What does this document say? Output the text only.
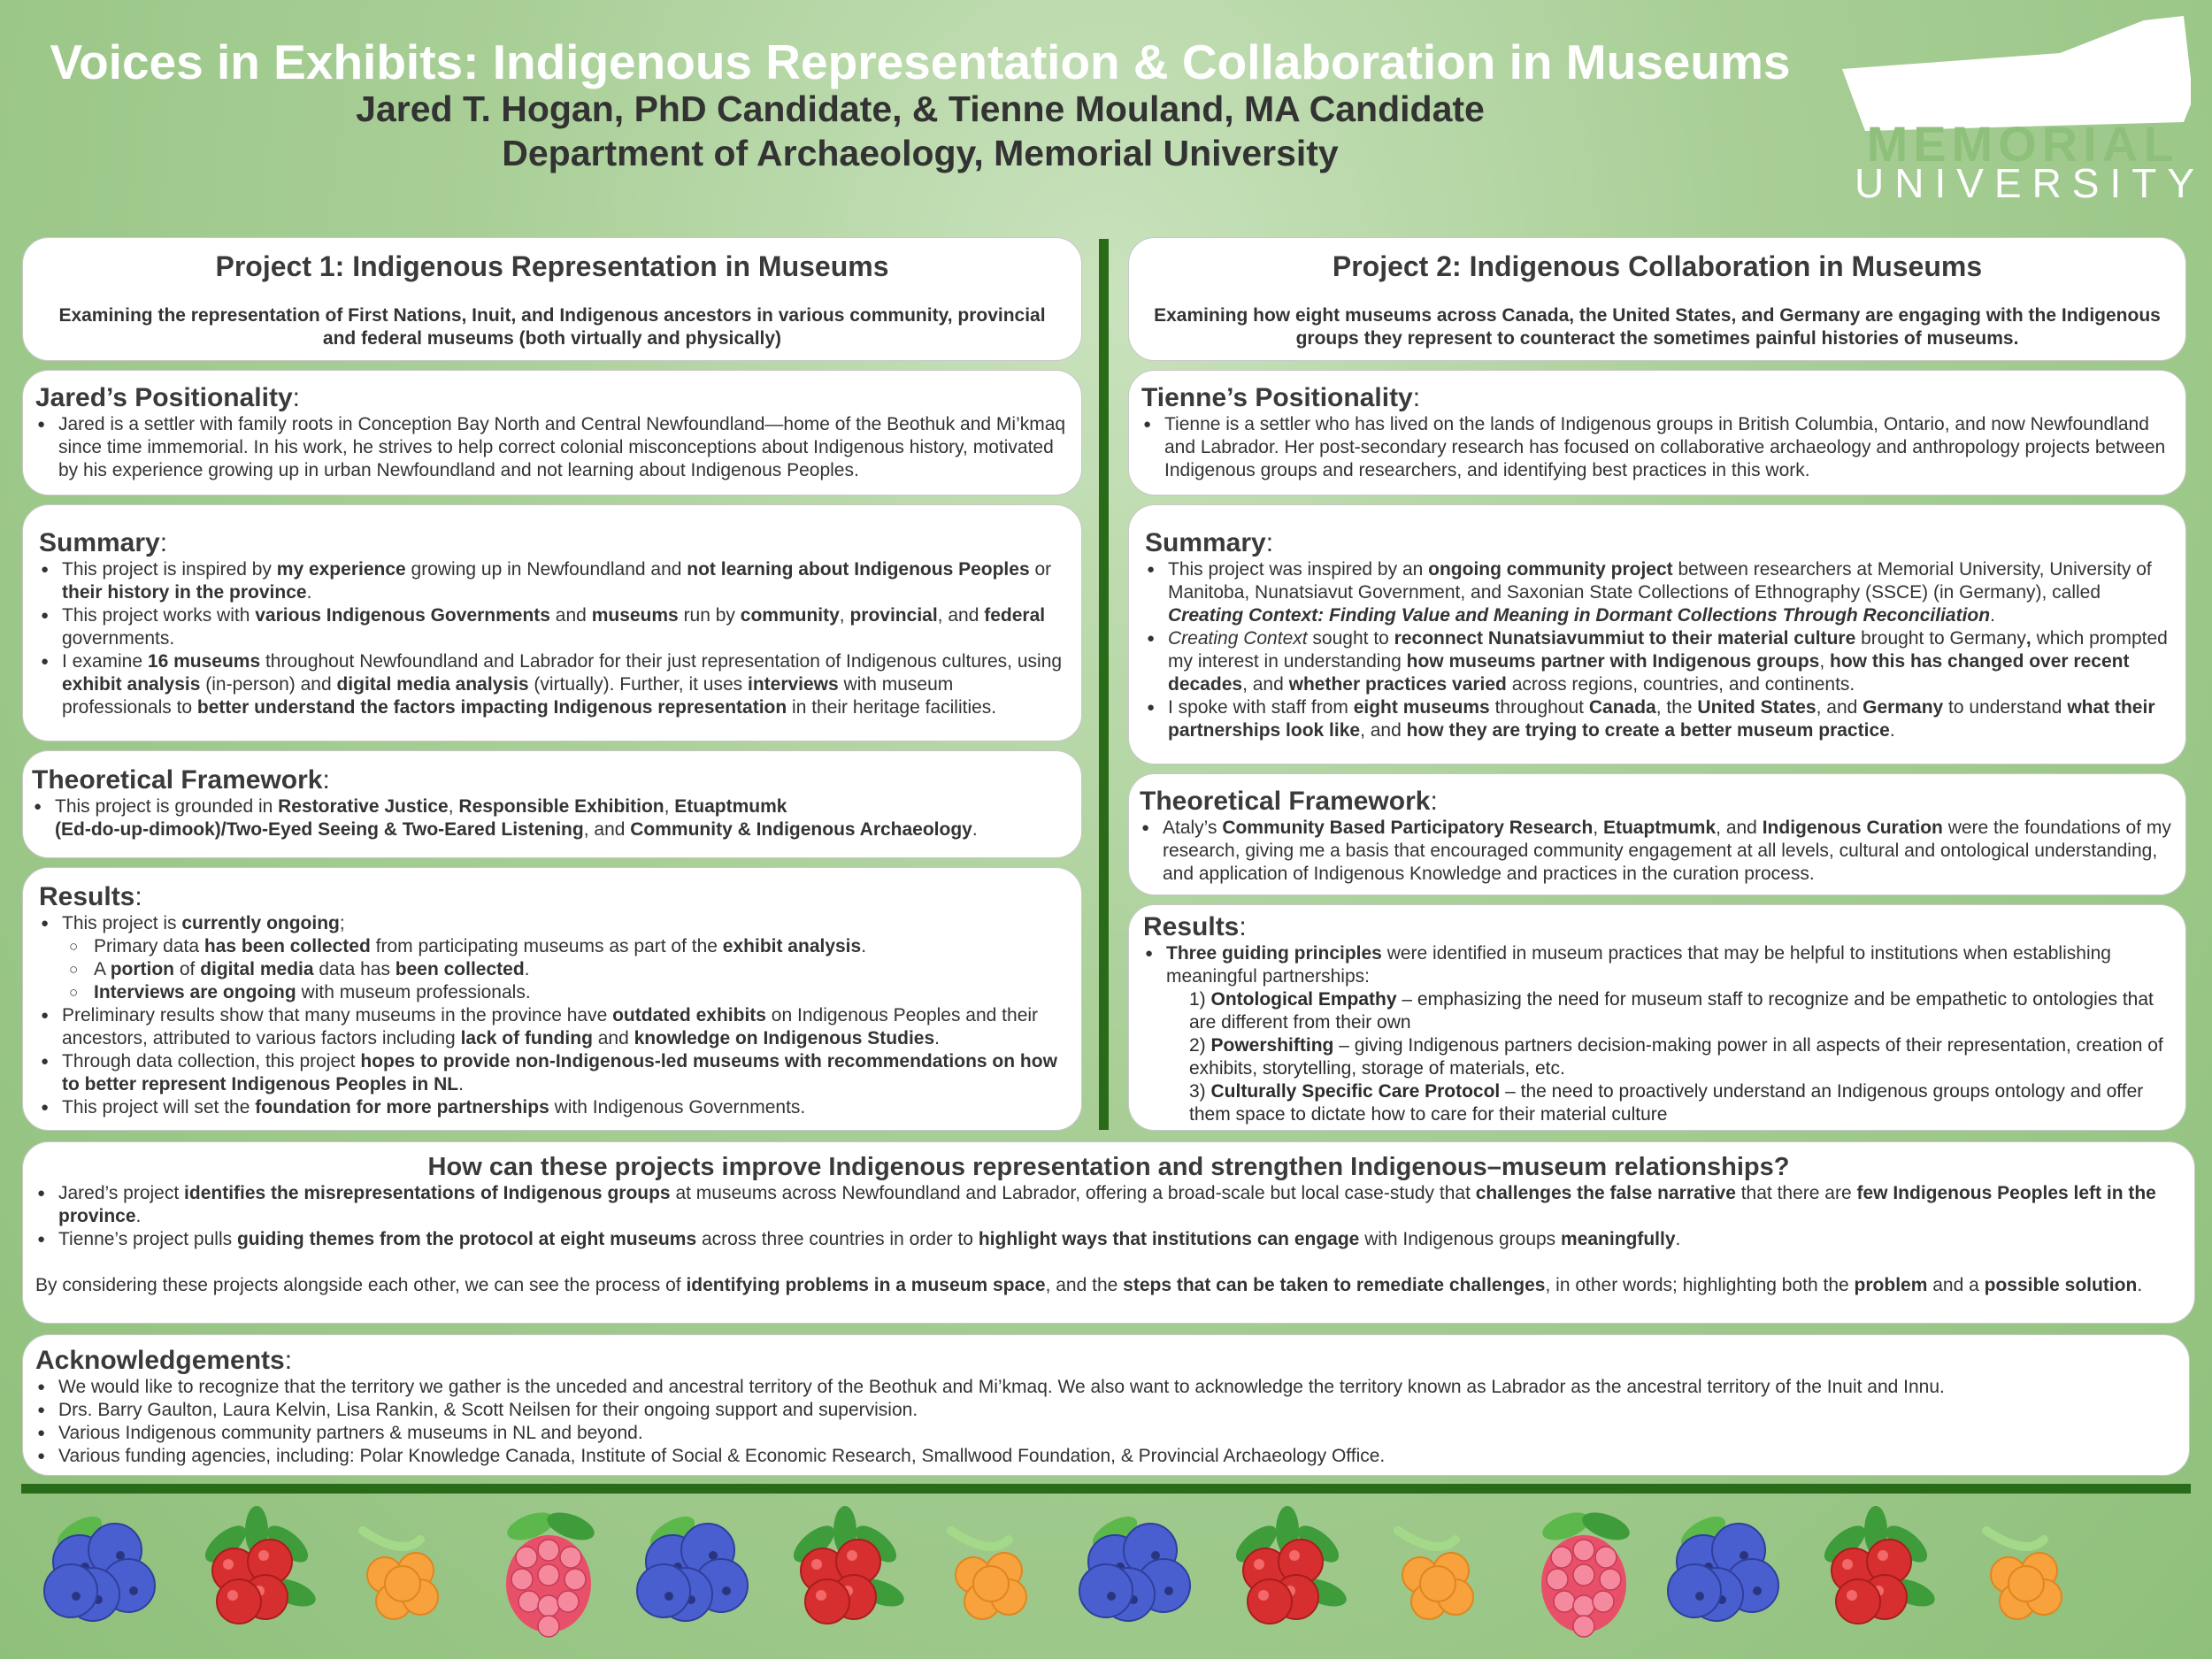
Voices in Exhibits: Indigenous Representation & Collaboration in Museums
Jared T. Hogan, PhD Candidate, & Tienne Mouland, MA Candidate
Department of Archaeology, Memorial University	MEMORIAL
UNIVERSITY
Project 1: Indigenous Representation in Museums
Examining the representation of First Nations, Inuit, and Indigenous ancestors in various community, provincial and federal museums (both virtually and physically)
Jared’s Positionality:
● Jared is a settler with family roots in Conception Bay North and Central Newfoundland—home of the Beothuk and Mi’kmaq since time immemorial. In his work, he strives to help correct colonial misconceptions about Indigenous history, motivated by his experience growing up in urban Newfoundland and not learning about Indigenous Peoples.
Summary:
● This project is inspired by my experience growing up in Newfoundland and not learning about Indigenous Peoples or their history in the province.
● This project works with various Indigenous Governments and museums run by community, provincial, and federal governments.
● I examine 16 museums throughout Newfoundland and Labrador for their just representation of Indigenous cultures, using exhibit analysis (in-person) and digital media analysis (virtually). Further, it uses interviews with museum professionals to better understand the factors impacting Indigenous representation in their heritage facilities.
Theoretical Framework:
● This project is grounded in Restorative Justice, Responsible Exhibition, Etuaptmumk
(Ed-do-up-dimook)/Two-Eyed Seeing & Two-Eared Listening, and Community & Indigenous Archaeology.
Results:
● This project is currently ongoing;
○ Primary data has been collected from participating museums as part of the exhibit analysis.
○ A portion of digital media data has been collected.
○ Interviews are ongoing with museum professionals.
● Preliminary results show that many museums in the province have outdated exhibits on Indigenous Peoples and their ancestors, attributed to various factors including lack of funding and knowledge on Indigenous Studies.
● Through data collection, this project hopes to provide non-Indigenous-led museums with recommendations on how to better represent Indigenous Peoples in NL.
● This project will set the foundation for more partnerships with Indigenous Governments.
Project 2: Indigenous Collaboration in Museums
Examining how eight museums across Canada, the United States, and Germany are engaging with the Indigenous groups they represent to counteract the sometimes painful histories of museums.
Tienne’s Positionality:
● Tienne is a settler who has lived on the lands of Indigenous groups in British Columbia, Ontario, and now Newfoundland and Labrador. Her post-secondary research has focused on collaborative archaeology and anthropology projects between Indigenous groups and researchers, and identifying best practices in this work.
Summary:
● This project was inspired by an ongoing community project between researchers at Memorial University, University of Manitoba, Nunatsiavut Government, and Saxonian State Collections of Ethnography (SSCE) (in Germany), called Creating Context: Finding Value and Meaning in Dormant Collections Through Reconciliation.
● Creating Context sought to reconnect Nunatsiavummiut to their material culture brought to Germany, which prompted my interest in understanding how museums partner with Indigenous groups, how this has changed over recent decades, and whether practices varied across regions, countries, and continents.
● I spoke with staff from eight museums throughout Canada, the United States, and Germany to understand what their partnerships look like, and how they are trying to create a better museum practice.
Theoretical Framework:
● Ataly’s Community Based Participatory Research, Etuaptmumk, and Indigenous Curation were the foundations of my research, giving me a basis that encouraged community engagement at all levels, cultural and ontological understanding, and application of Indigenous Knowledge and practices in the curation process.
Results:
● Three guiding principles were identified in museum practices that may be helpful to institutions when establishing meaningful partnerships:
1) Ontological Empathy – emphasizing the need for museum staff to recognize and be empathetic to ontologies that are different from their own
2) Powershifting – giving Indigenous partners decision-making power in all aspects of their representation, creation of exhibits, storytelling, storage of materials, etc.
3) Culturally Specific Care Protocol – the need to proactively understand an Indigenous groups ontology and offer them space to dictate how to care for their material culture
How can these projects improve Indigenous representation and strengthen Indigenous–museum relationships?
● Jared’s project identifies the misrepresentations of Indigenous groups at museums across Newfoundland and Labrador, offering a broad-scale but local case-study that challenges the false narrative that there are few Indigenous Peoples left in the province.
● Tienne’s project pulls guiding themes from the protocol at eight museums across three countries in order to highlight ways that institutions can engage with Indigenous groups meaningfully.
By considering these projects alongside each other, we can see the process of identifying problems in a museum space, and the steps that can be taken to remediate challenges, in other words; highlighting both the problem and a possible solution.
Acknowledgements:
● We would like to recognize that the territory we gather is the unceded and ancestral territory of the Beothuk and Mi’kmaq. We also want to acknowledge the territory known as Labrador as the ancestral territory of the Inuit and Innu.
● Drs. Barry Gaulton, Laura Kelvin, Lisa Rankin, & Scott Neilsen for their ongoing support and supervision.
● Various Indigenous community partners & museums in NL and beyond.
● Various funding agencies, including: Polar Knowledge Canada, Institute of Social & Economic Research, Smallwood Foundation, & Provincial Archaeology Office.
